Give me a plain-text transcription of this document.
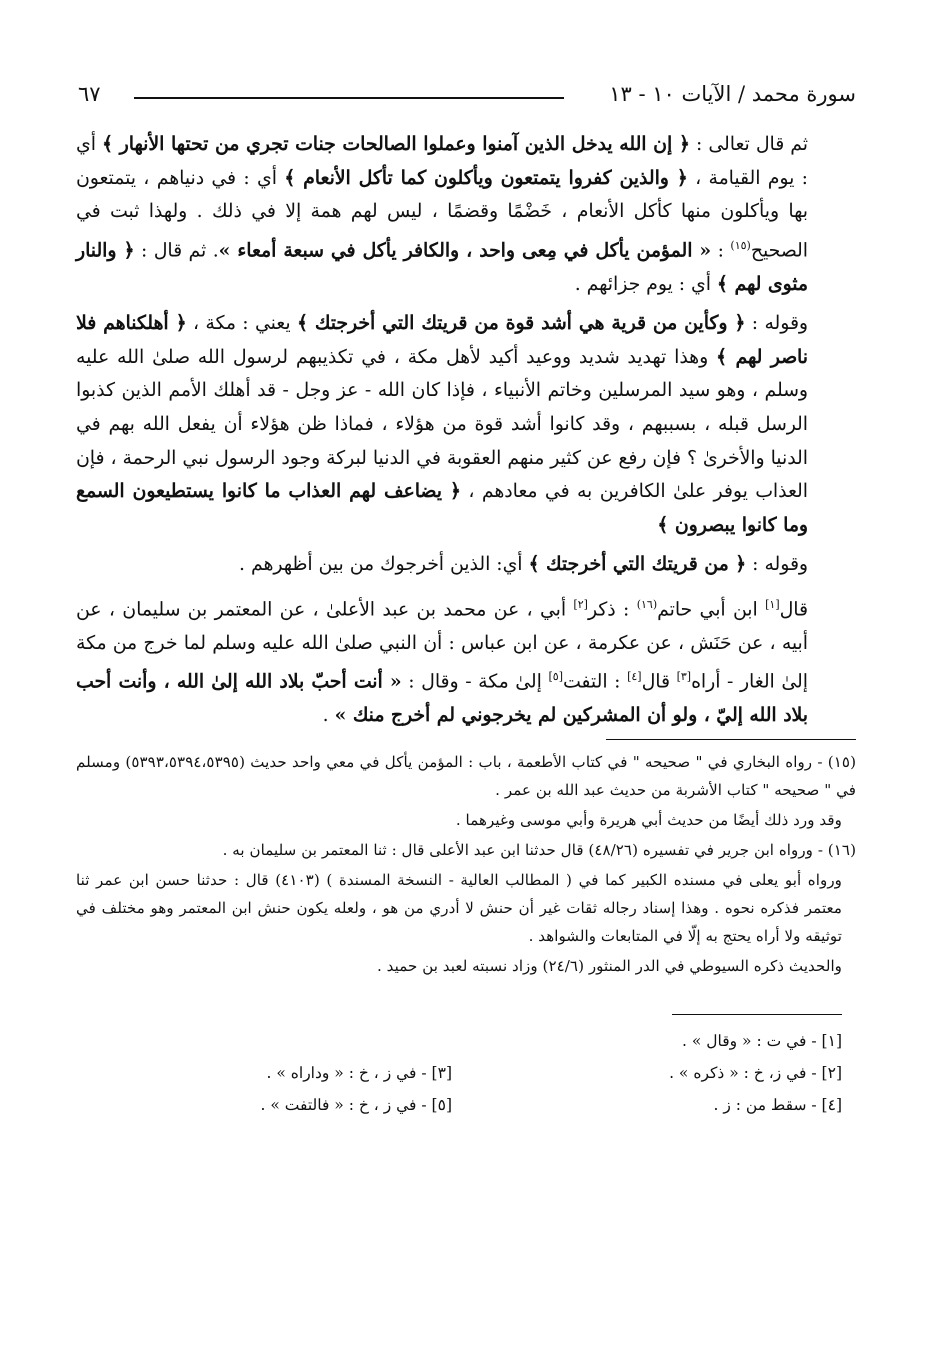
سورة محمد / الآيات ١٠ - ١٣
٦٧

ثم قال تعالى : ﴿ إن الله يدخل الذين آمنوا وعملوا الصالحات جنات تجري من تحتها الأنهار ﴾ أي : يوم القيامة ، ﴿ والذين كفروا يتمتعون ويأكلون كما تأكل الأنعام ﴾ أي : في دنياهم ، يتمتعون بها ويأكلون منها كأكل الأنعام ، خَضْمًا وقضمًا ، ليس لهم همة إلا في ذلك . ولهذا ثبت في الصحيح$^{(١٥)}$ : « المؤمن يأكل في مِعى واحد ، والكافر يأكل في سبعة أمعاء ». ثم قال : ﴿ والنار مثوى لهم ﴾ أي : يوم جزائهم .

وقوله : ﴿ وكأين من قرية هي أشد قوة من قريتك التي أخرجتك ﴾ يعني : مكة ، ﴿ أهلكناهم فلا ناصر لهم ﴾ وهذا تهديد شديد ووعيد أكيد لأهل مكة ، في تكذيبهم لرسول الله صلىٰ الله عليه وسلم ، وهو سيد المرسلين وخاتم الأنبياء ، فإذا كان الله - عز وجل - قد أهلك الأمم الذين كذبوا الرسل قبله ، بسببهم ، وقد كانوا أشد قوة من هؤلاء ، فماذا ظن هؤلاء أن يفعل الله بهم في الدنيا والأخرىٰ ؟ فإن رفع عن كثير منهم العقوبة في الدنيا لبركة وجود الرسول نبي الرحمة ، فإن العذاب يوفر علىٰ الكافرين به في معادهم ، ﴿ يضاعف لهم العذاب ما كانوا يستطيعون السمع وما كانوا يبصرون ﴾

وقوله : ﴿ من قريتك التي أخرجتك ﴾ أي: الذين أخرجوك من بين أظهرهم .

قال[١] ابن أبي حاتم$^{(١٦)}$ : ذكر[٢] أبي ، عن محمد بن عبد الأعلىٰ ، عن المعتمر بن سليمان ، عن أبيه ، عن حَنَش ، عن عكرمة ، عن ابن عباس : أن النبي صلىٰ الله عليه وسلم لما خرج من مكة إلىٰ الغار - أراه[٣] قال[٤] : التفت[٥] إلىٰ مكة - وقال : « أنت أحبّ بلاد الله إلىٰ الله ، وأنت أحب بلاد الله إليّ ، ولو أن المشركين لم يخرجوني لم أخرج منك » .

(١٥) - رواه البخاري في " صحيحه " في كتاب الأطعمة ، باب : المؤمن يأكل في معي واحد حديث (٥٣٩٣،٥٣٩٤،٥٣٩٥) ومسلم في " صحيحه " كتاب الأشربة من حديث عبد الله بن عمر .

وقد ورد ذلك أيضًا من حديث أبي هريرة وأبي موسى وغيرهما .

(١٦) - ورواه ابن جرير في تفسيره (٤٨/٢٦) قال حدثنا ابن عبد الأعلى قال : ثنا المعتمر بن سليمان به .

ورواه أبو يعلى في مسنده الكبير كما في ( المطالب العالية - النسخة المسندة ) (٤١٠٣) قال : حدثنا حسن ابن عمر ثنا معتمر فذكره نحوه . وهذا إسناد رجاله ثقات غير أن حنش لا أدري من هو ، ولعله يكون حنش ابن المعتمر وهو مختلف في توثيقه ولا أراه يحتج به إلّا في المتابعات والشواهد .

والحديث ذكره السيوطي في الدر المنثور (٢٤/٦) وزاد نسبته لعبد بن حميد .

[١] - في ت : « وقال » .
[٢] - في ز، خ : « ذكره » .
[٣] - في ز ، خ : « وداراه » .
[٤] - سقط من : ز .
[٥] - في ز ، خ : « فالتفت » .
